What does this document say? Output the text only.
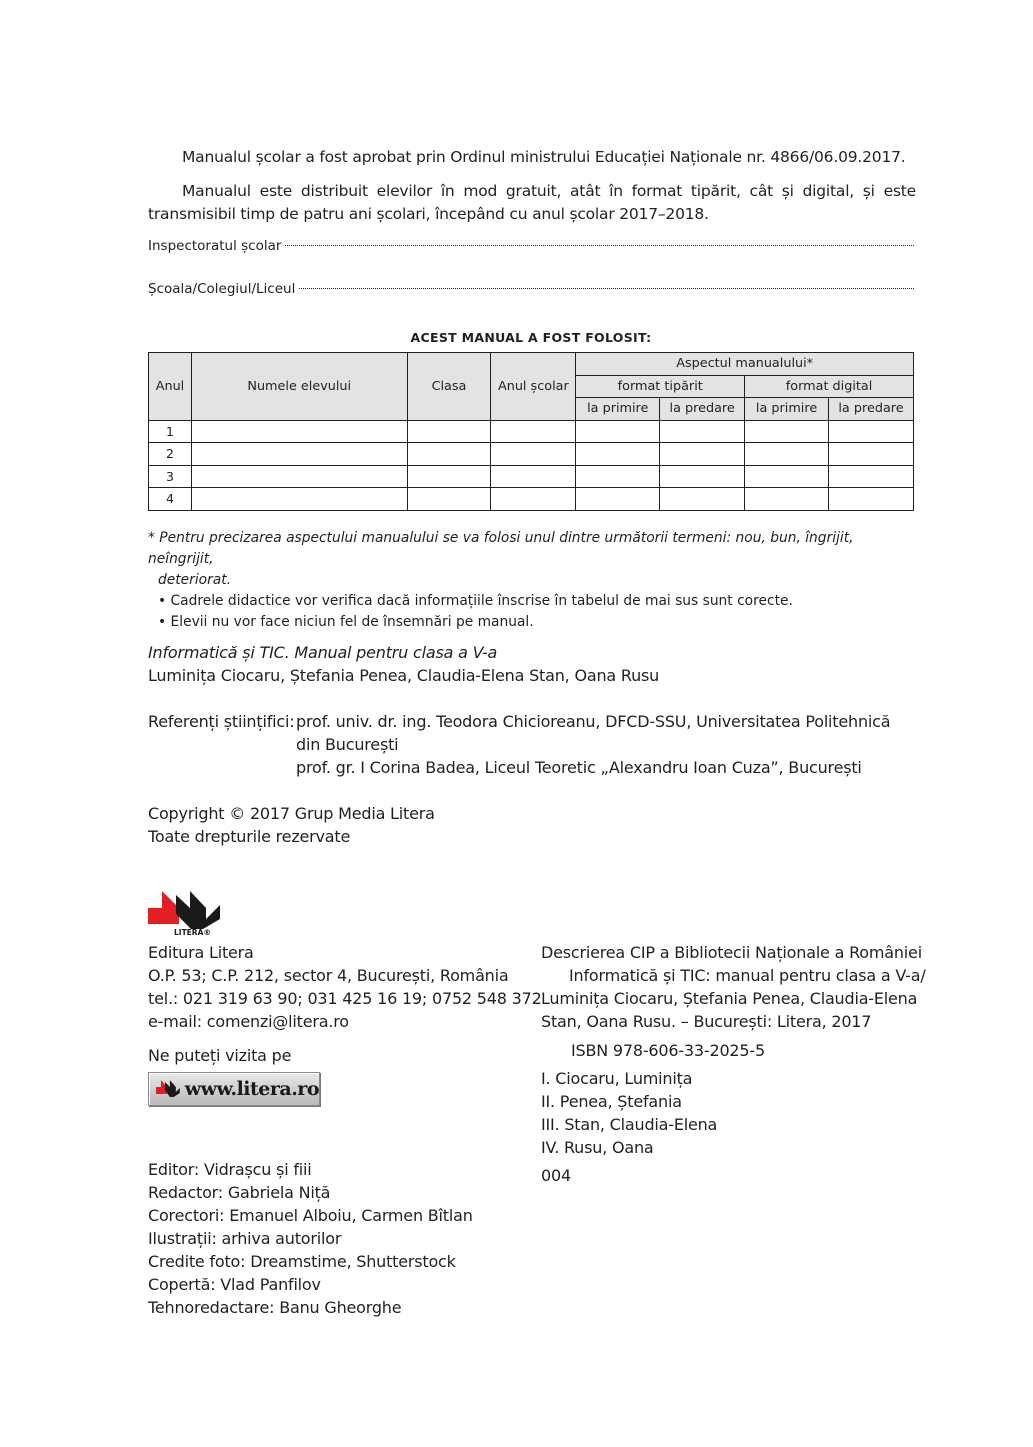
Manualul școlar a fost aprobat prin Ordinul ministrului Educației Naționale nr. 4866/06.09.2017.
Manualul este distribuit elevilor în mod gratuit, atât în format tipărit, cât și digital, și este transmisibil timp de patru ani școlari, începând cu anul școlar 2017–2018.
Inspectoratul școlar
Școala/Colegiul/Liceul
ACEST MANUAL A FOST FOLOSIT:
Anul	Numele elevului	Clasa	Anul școlar	Aspectul manualului*			
				format tipărit		format digital	
				la primire	la predare	la primire	la predare
1							
2							
3							
4							
* Pentru precizarea aspectului manualului se va folosi unul dintre următorii termeni: nou, bun, îngrijit, neîngrijit,
deteriorat.
• Cadrele didactice vor verifica dacă informațiile înscrise în tabelul de mai sus sunt corecte.
• Elevii nu vor face niciun fel de însemnări pe manual.
Informatică și TIC. Manual pentru clasa a V-a
Luminița Ciocaru, Ștefania Penea, Claudia-Elena Stan, Oana Rusu
Referenți științifici: prof. univ. dr. ing. Teodora Chicioreanu, DFCD-SSU, Universitatea Politehnică
din București
prof. gr. I Corina Badea, Liceul Teoretic „Alexandru Ioan Cuza”, București
Copyright © 2017 Grup Media Litera
Toate drepturile rezervate
LITERA®
Editura Litera
O.P. 53; C.P. 212, sector 4, București, România
tel.: 021 319 63 90; 031 425 16 19; 0752 548 372
e-mail: comenzi@litera.ro
Ne puteți vizita pe
www.litera.ro
Editor: Vidrașcu și fiii
Redactor: Gabriela Niță
Corectori: Emanuel Alboiu, Carmen Bîtlan
Ilustrații: arhiva autorilor
Credite foto: Dreamstime, Shutterstock
Copertă: Vlad Panfilov
Tehnoredactare: Banu Gheorghe
Descrierea CIP a Bibliotecii Naționale a României
Informatică și TIC: manual pentru clasa a V-a/
Luminița Ciocaru, Ștefania Penea, Claudia-Elena
Stan, Oana Rusu. – București: Litera, 2017
ISBN 978-606-33-2025-5
I. Ciocaru, Luminița
II. Penea, Ștefania
III. Stan, Claudia-Elena
IV. Rusu, Oana
004
